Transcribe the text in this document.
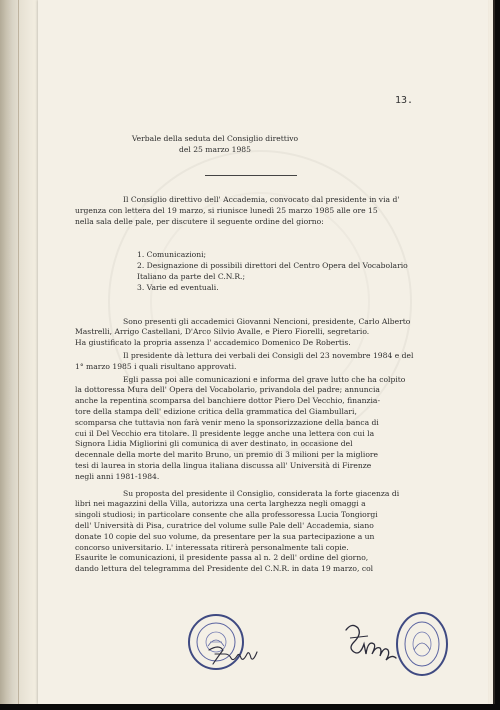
13.
Verbale della seduta del Consiglio direttivo
del 25 marzo 1985

Il Consiglio direttivo dell' Accademia, convocato dal presidente in via d'

urgenza con lettera del 19 marzo, si riunisce lunedì 25 marzo 1985 alle ore 15

nella sala delle pale, per discutere il seguente ordine del giorno:

1. Comunicazioni;

2. Designazione di possibili direttori del Centro Opera del Vocabolario

Italiano da parte del C.N.R.;

3. Varie ed eventuali.

Sono presenti gli accademici Giovanni Nencioni, presidente, Carlo Alberto

Mastrelli, Arrigo Castellani, D'Arco Silvio Avalle, e Piero Fiorelli, segretario.

Ha giustificato la propria assenza l' accademico Domenico De Robertis.

Il presidente dà lettura dei verbali dei Consigli del 23 novembre 1984 e del

1° marzo 1985 i quali risultano approvati.

Egli passa poi alle comunicazioni e informa del grave lutto che ha colpito

la dottoressa Mura dell' Opera del Vocabolario, privandola del padre; annuncia

anche la repentina scomparsa del banchiere dottor Piero Del Vecchio, finanzia-

tore della stampa dell' edizione critica della grammatica del Giambullari,

scomparsa che tuttavia non farà venir meno la sponsorizzazione della banca di

cui il Del Vecchio era titolare. Il presidente legge anche una lettera con cui la

Signora Lidia Migliorini gli comunica di aver destinato, in occasione del

decennale della morte del marito Bruno, un premio di 3 milioni per la migliore

tesi di laurea in storia della lingua italiana discussa all' Università di Firenze

negli anni 1981-1984.

Su proposta del presidente il Consiglio, considerata la forte giacenza di

libri nei magazzini della Villa, autorizza una certa larghezza negli omaggi a

singoli studiosi; in particolare consente che alla professoressa Lucia Tongiorgi

dell' Università di Pisa, curatrice del volume sulle Pale dell' Accademia, siano

donate 10 copie del suo volume, da presentare per la sua partecipazione a un

concorso universitario. L' interessata ritirerà personalmente tali copie.

Esaurite le comunicazioni, il presidente passa al n. 2 dell' ordine del giorno,

dando lettura del telegramma del Presidente del C.N.R. in data 19 marzo, col
